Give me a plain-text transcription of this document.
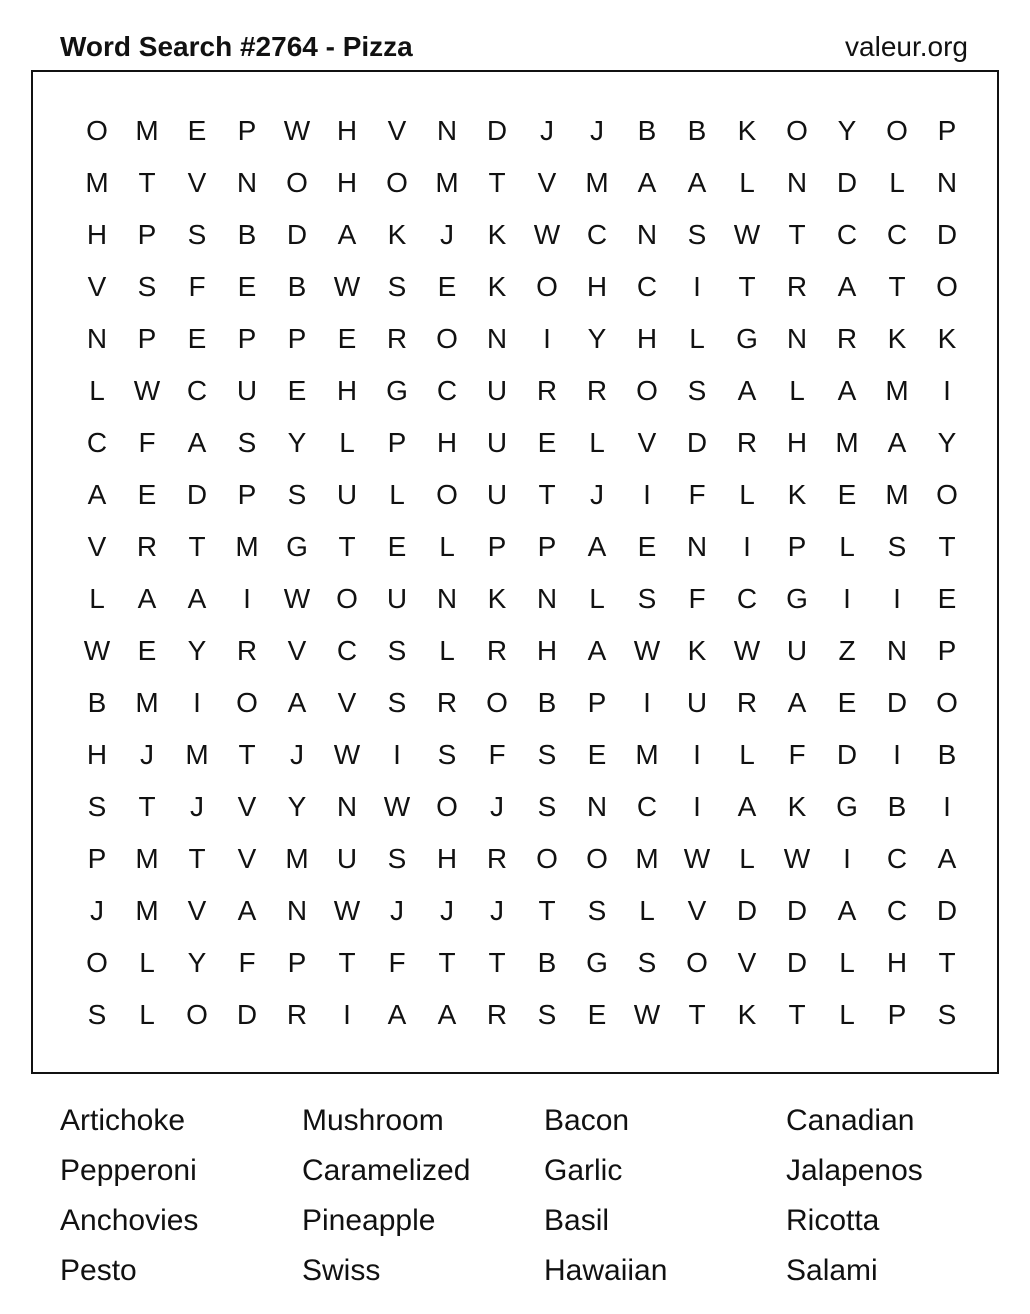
Word Search #2764 - Pizza	valeur.org
O M	E	P W H	V	N	D	J	J	B	B	K	O	Y	O	P
M	T	V	N	O	H	O M	T	V	M	A	A	L	N	D	L	N
H	P	S	B	D	A	K	J	K W C	N	S W	T	C	C	D
V	S	F	E	B W S	E	K	O	H	C	I	T	R	A	T	O
N	P	E	P	P	E	R	O	N	I	Y	H	L	G	N	R	K	K
L	W C	U	E	H	G	C	U	R	R	O	S	A	L	A	M	I
C	F	A	S	Y	L	P	H	U	E	L	V	D	R	H	M	A	Y
A	E	D	P	S	U	L	O	U	T	J	I	F	L	K	E	M O
V	R	T	M G	T	E	L	P	P	A	E	N	I	P	L	S	T
L	A	A	I	W O	U	N	K	N	L	S	F	C	G	I	I	E
W E	Y	R	V	C	S	L	R	H	A W K W U	Z	N	P
B	M	I	O	A	V	S	R	O	B	P	I	U	R	A	E	D	O
H	J	M	T	J	W	I	S	F	S	E	M	I	L	F	D	I	B
S	T	J	V	Y	N W O	J	S	N	C	I	A	K	G	B	I
P	M	T	V	M	U	S	H	R	O	O M W	L	W	I	C	A
J	M	V	A	N W	J	J	J	T	S	L	V	D	D	A	C	D
O	L	Y	F	P	T	F	T	T	B	G	S	O	V	D	L	H	T
S	L	O	D	R	I	A	A	R	S	E W	T	K	T	L	P	S
Artichoke	Mushroom	Bacon	Canadian
Pepperoni	Caramelized	Garlic	Jalapenos
Anchovies	Pineapple	Basil	Ricotta
Pesto	Swiss	Hawaiian	Salami
